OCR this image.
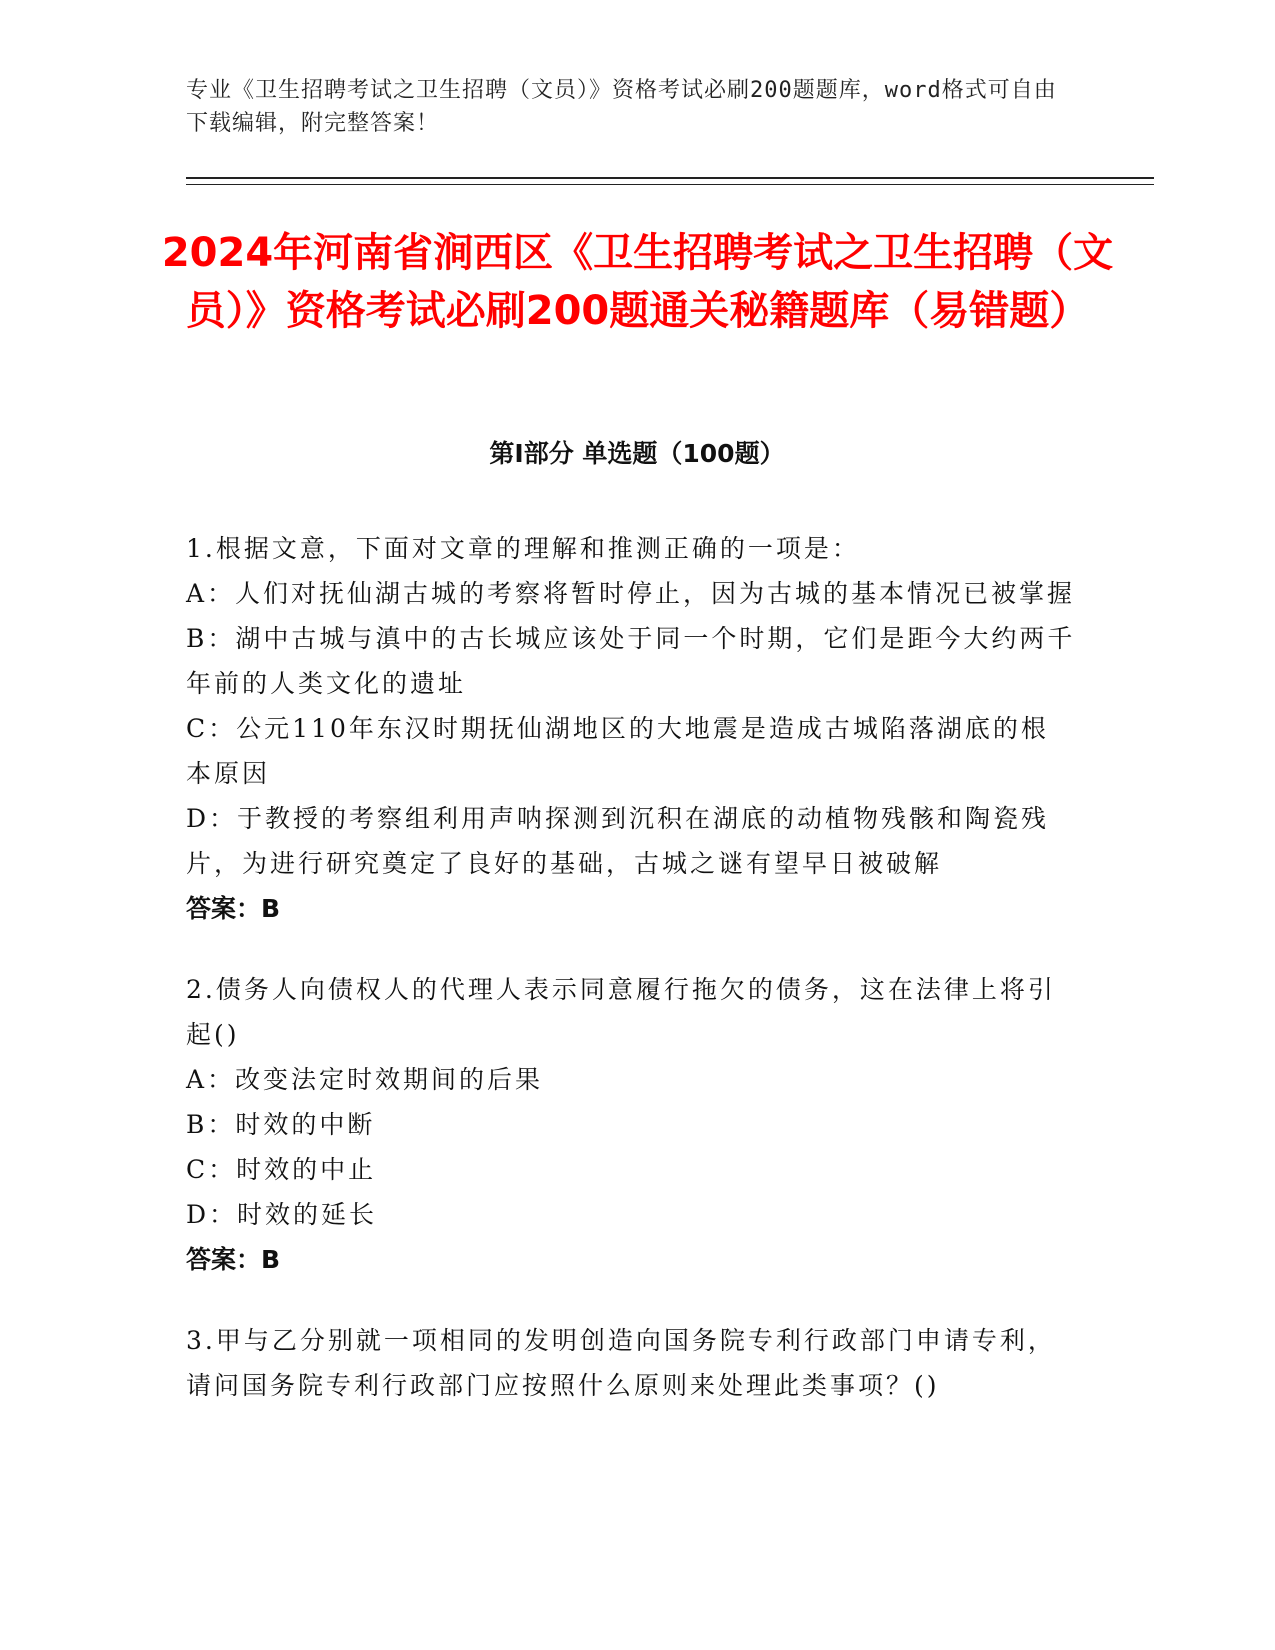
专业《卫生招聘考试之卫生招聘（文员）》资格考试必刷200题题库，word格式可自由下载编辑，附完整答案！
2024年河南省涧西区《卫生招聘考试之卫生招聘（文员）》资格考试必刷200题通关秘籍题库（易错题）
第Ⅰ部分 单选题（100题）

1.根据文意，下面对文章的理解和推测正确的一项是：

A：人们对抚仙湖古城的考察将暂时停止，因为古城的基本情况已被掌握

B：湖中古城与滇中的古长城应该处于同一个时期，它们是距今大约两千年前的人类文化的遗址

C：公元110年东汉时期抚仙湖地区的大地震是造成古城陷落湖底的根本原因

D：于教授的考察组利用声呐探测到沉积在湖底的动植物残骸和陶瓷残片，为进行研究奠定了良好的基础，古城之谜有望早日被破解

答案：B

2.债务人向债权人的代理人表示同意履行拖欠的债务，这在法律上将引起()

A：改变法定时效期间的后果

B：时效的中断

C：时效的中止

D：时效的延长

答案：B

3.甲与乙分别就一项相同的发明创造向国务院专利行政部门申请专利，请问国务院专利行政部门应按照什么原则来处理此类事项？()
